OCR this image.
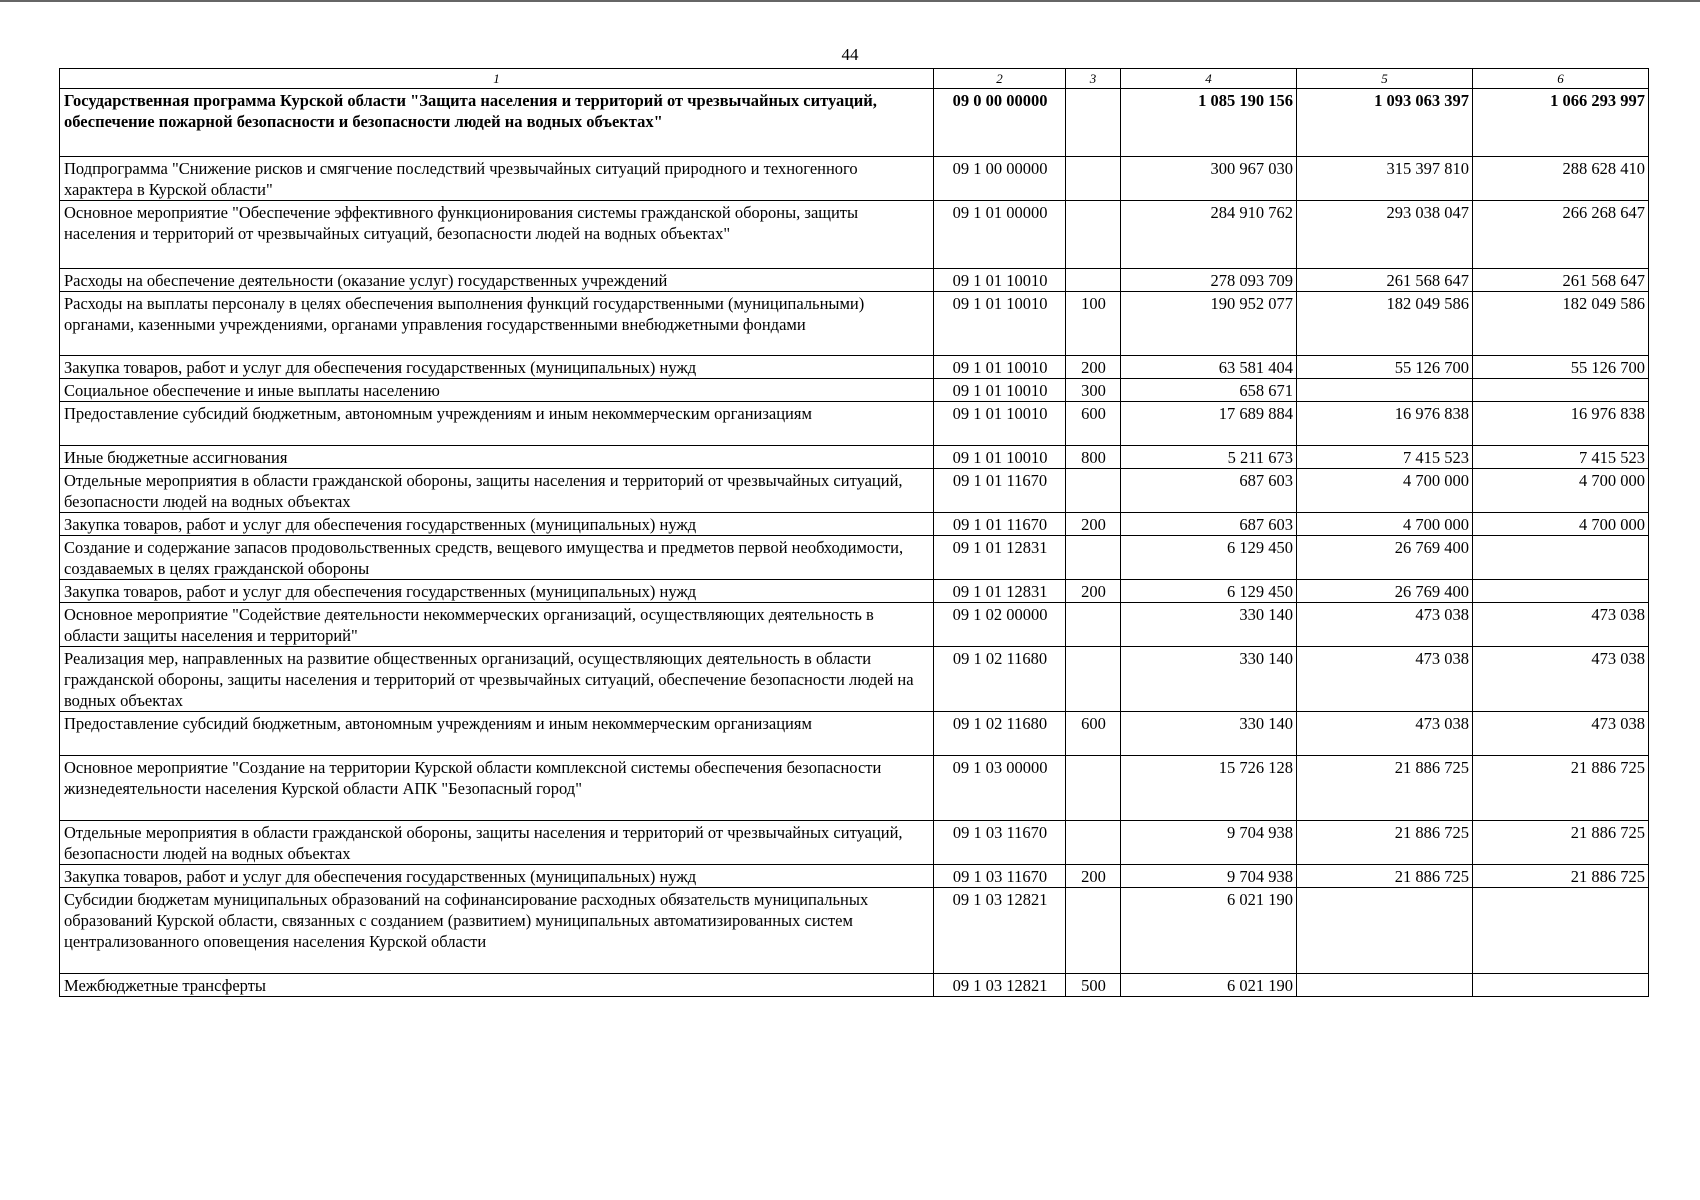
44
1	2	3	4	5	6
Государственная программа Курской области "Защита населения и территорий от чрезвычайных ситуаций, обеспечение пожарной безопасности и безопасности людей на водных объектах"	09 0 00 00000		1 085 190 156	1 093 063 397	1 066 293 997
Подпрограмма "Снижение рисков и смягчение последствий чрезвычайных ситуаций природного и техногенного характера в Курской области"	09 1 00 00000		300 967 030	315 397 810	288 628 410
Основное мероприятие "Обеспечение эффективного функционирования системы гражданской обороны, защиты населения и территорий от чрезвычайных ситуаций, безопасности людей на водных объектах"	09 1 01 00000		284 910 762	293 038 047	266 268 647
Расходы на обеспечение деятельности (оказание услуг) государственных учреждений	09 1 01 10010		278 093 709	261 568 647	261 568 647
Расходы на выплаты персоналу в целях обеспечения выполнения функций государственными (муниципальными) органами, казенными учреждениями, органами управления государственными внебюджетными фондами	09 1 01 10010	100	190 952 077	182 049 586	182 049 586
Закупка товаров, работ и услуг для обеспечения государственных (муниципальных) нужд	09 1 01 10010	200	63 581 404	55 126 700	55 126 700
Социальное обеспечение и иные выплаты населению	09 1 01 10010	300	658 671		
Предоставление субсидий бюджетным, автономным учреждениям и иным некоммерческим организациям	09 1 01 10010	600	17 689 884	16 976 838	16 976 838
Иные бюджетные ассигнования	09 1 01 10010	800	5 211 673	7 415 523	7 415 523
Отдельные мероприятия в области гражданской обороны, защиты населения и территорий от чрезвычайных ситуаций, безопасности людей на водных объектах	09 1 01 11670		687 603	4 700 000	4 700 000
Закупка товаров, работ и услуг для обеспечения государственных (муниципальных) нужд	09 1 01 11670	200	687 603	4 700 000	4 700 000
Создание и содержание запасов продовольственных средств, вещевого имущества и предметов первой необходимости, создаваемых в целях гражданской обороны	09 1 01 12831		6 129 450	26 769 400	
Закупка товаров, работ и услуг для обеспечения государственных (муниципальных) нужд	09 1 01 12831	200	6 129 450	26 769 400	
Основное мероприятие "Содействие деятельности некоммерческих организаций, осуществляющих деятельность в области защиты населения и территорий"	09 1 02 00000		330 140	473 038	473 038
Реализация мер, направленных на развитие общественных организаций, осуществляющих деятельность в области гражданской обороны, защиты населения и территорий от чрезвычайных ситуаций, обеспечение безопасности людей на водных объектах	09 1 02 11680		330 140	473 038	473 038
Предоставление субсидий бюджетным, автономным учреждениям и иным некоммерческим организациям	09 1 02 11680	600	330 140	473 038	473 038
Основное мероприятие "Создание на территории Курской области комплексной системы обеспечения безопасности жизнедеятельности населения Курской области АПК "Безопасный город"	09 1 03 00000		15 726 128	21 886 725	21 886 725
Отдельные мероприятия в области гражданской обороны, защиты населения и территорий от чрезвычайных ситуаций, безопасности людей на водных объектах	09 1 03 11670		9 704 938	21 886 725	21 886 725
Закупка товаров, работ и услуг для обеспечения государственных (муниципальных) нужд	09 1 03 11670	200	9 704 938	21 886 725	21 886 725
Субсидии бюджетам муниципальных образований на софинансирование расходных обязательств муниципальных образований Курской области, связанных с созданием (развитием) муниципальных автоматизированных систем централизованного оповещения населения Курской области	09 1 03 12821		6 021 190		
Межбюджетные трансферты	09 1 03 12821	500	6 021 190		
